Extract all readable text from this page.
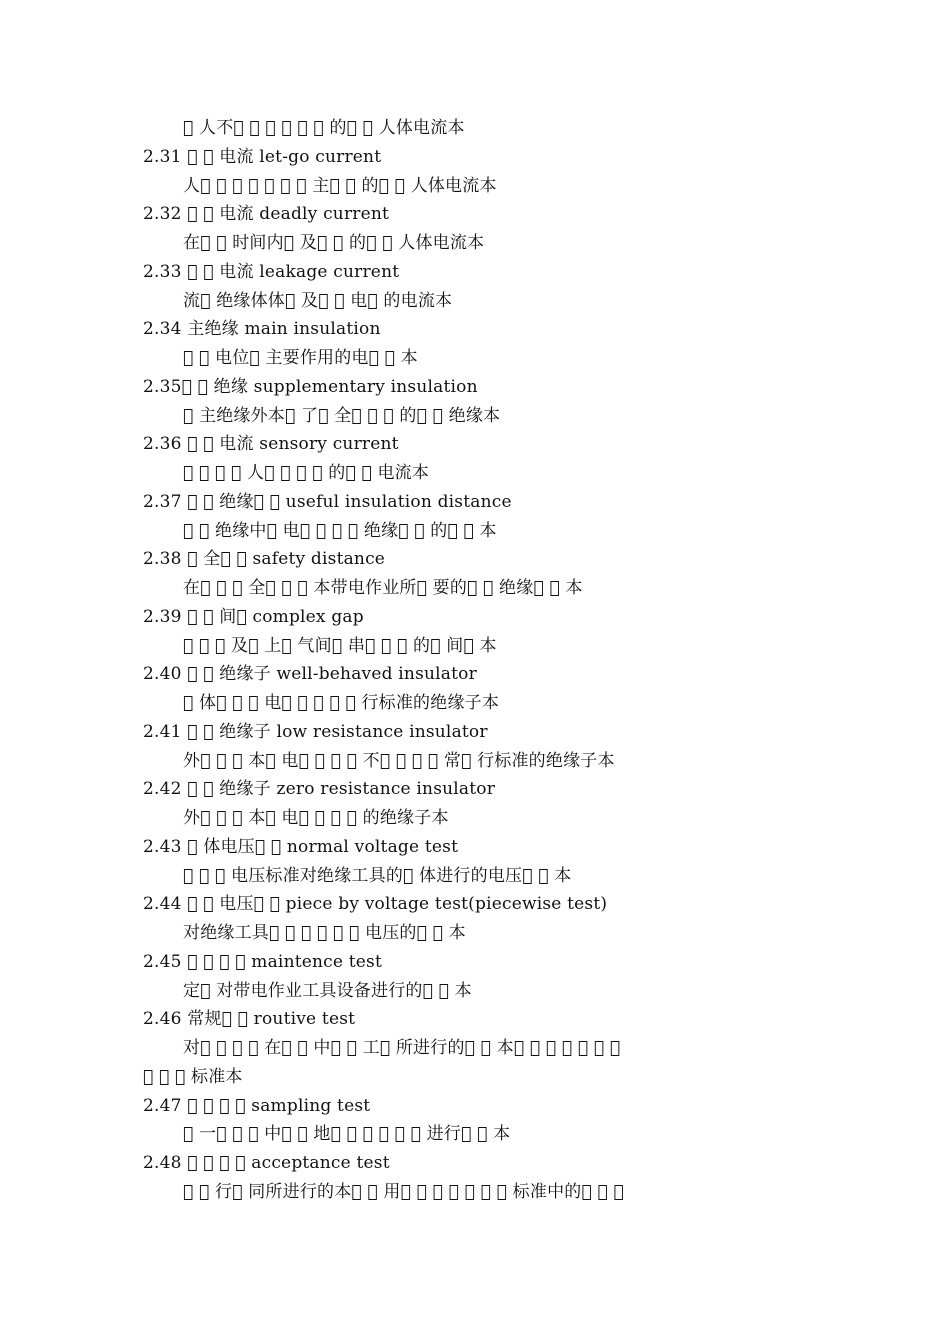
  人不            的    人体电流本
2.31     电流 let-go current
人              主    的    人体电流本
2.32     电流 deadly current
在    时间内  及    的    人体电流本
2.33     电流 leakage current
流  绝缘体体  及    电  的电流本
2.34 主绝缘 main insulation
    电位  主要作用的电    本
2.35    绝缘 supplementary insulation
  主绝缘外本  了  全      的    绝缘本
2.36     电流 sensory current
        人        的    电流本
2.37     绝缘    useful insulation distance
    绝缘中  电        绝缘    的    本
2.38   全    safety distance
在      全      本带电作业所  要的    绝缘    本
2.39     间  complex gap
      及  上  气间  串      的  间  本
2.40     绝缘子 well-behaved insulator
  体      电          行标准的绝缘子本
2.41     绝缘子 low resistance insulator
外      本  电        不        常  行标准的绝缘子本
2.42     绝缘子 zero resistance insulator
外      本  电        的绝缘子本
2.43   体电压    normal voltage test
      电压标准对绝缘工具的  体进行的电压    本
2.44     电压    piece by voltage test(piecewise test)
对绝缘工具            电压的    本
2.45         maintence test
定  对带电作业工具设备进行的    本
2.46 常规    routive test
对        在    中    工  所进行的    本             
      标准本
2.47         sampling test
  一      中    地            进行    本
2.48         acceptance test
    行  同所进行的本    用              标准中的     
